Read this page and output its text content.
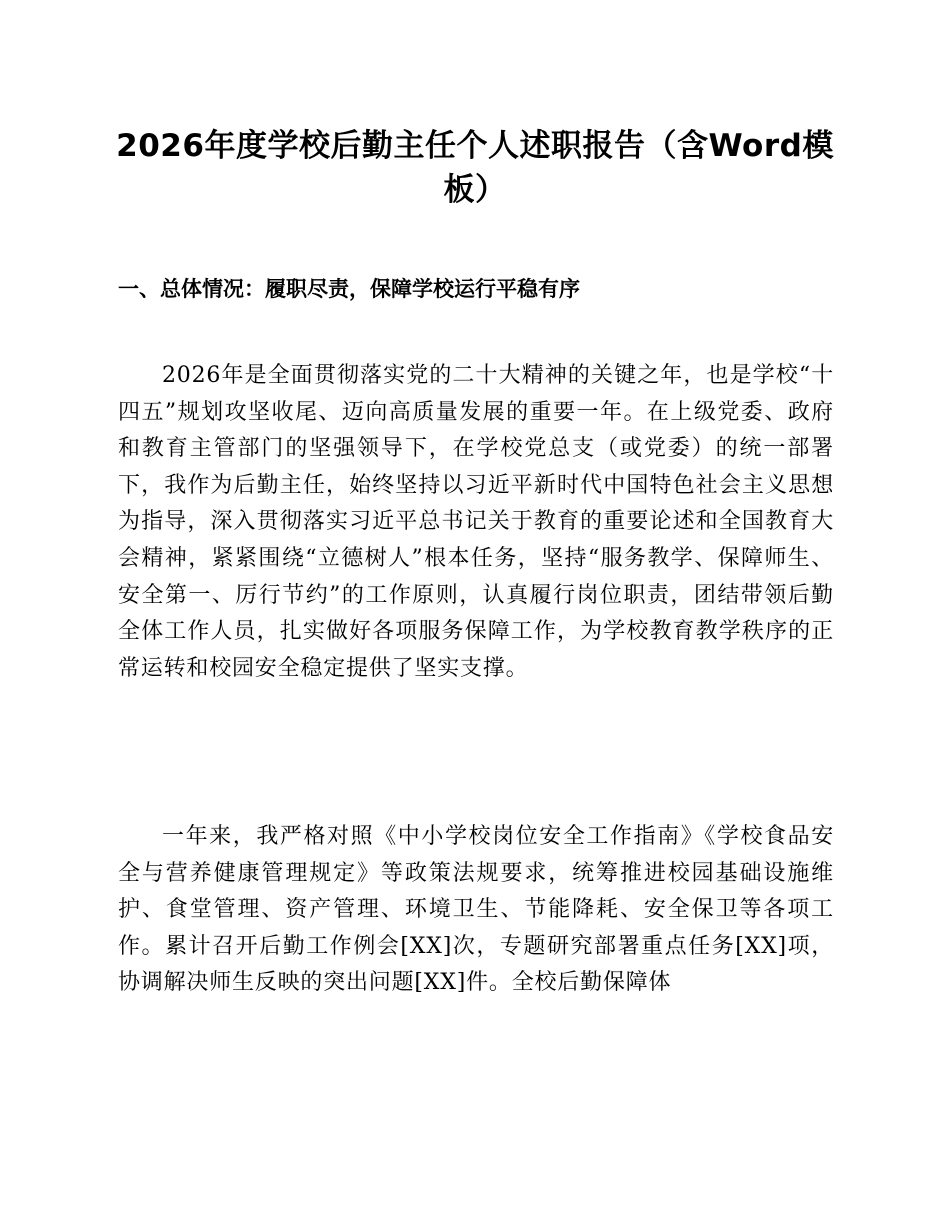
2026年度学校后勤主任个人述职报告（含Word模板）
一、总体情况：履职尽责，保障学校运行平稳有序

2026年是全面贯彻落实党的二十大精神的关键之年，也是学校“十四五”规划攻坚收尾、迈向高质量发展的重要一年。在上级党委、政府和教育主管部门的坚强领导下，在学校党总支（或党委）的统一部署下，我作为后勤主任，始终坚持以习近平新时代中国特色社会主义思想为指导，深入贯彻落实习近平总书记关于教育的重要论述和全国教育大会精神，紧紧围绕“立德树人”根本任务，坚持“服务教学、保障师生、安全第一、厉行节约”的工作原则，认真履行岗位职责，团结带领后勤全体工作人员，扎实做好各项服务保障工作，为学校教育教学秩序的正常运转和校园安全稳定提供了坚实支撑。

一年来，我严格对照《中小学校岗位安全工作指南》《学校食品安全与营养健康管理规定》等政策法规要求，统筹推进校园基础设施维护、食堂管理、资产管理、环境卫生、节能降耗、安全保卫等各项工作。累计召开后勤工作例会[XX]次，专题研究部署重点任务[XX]项，协调解决师生反映的突出问题[XX]件。全校后勤保障体
